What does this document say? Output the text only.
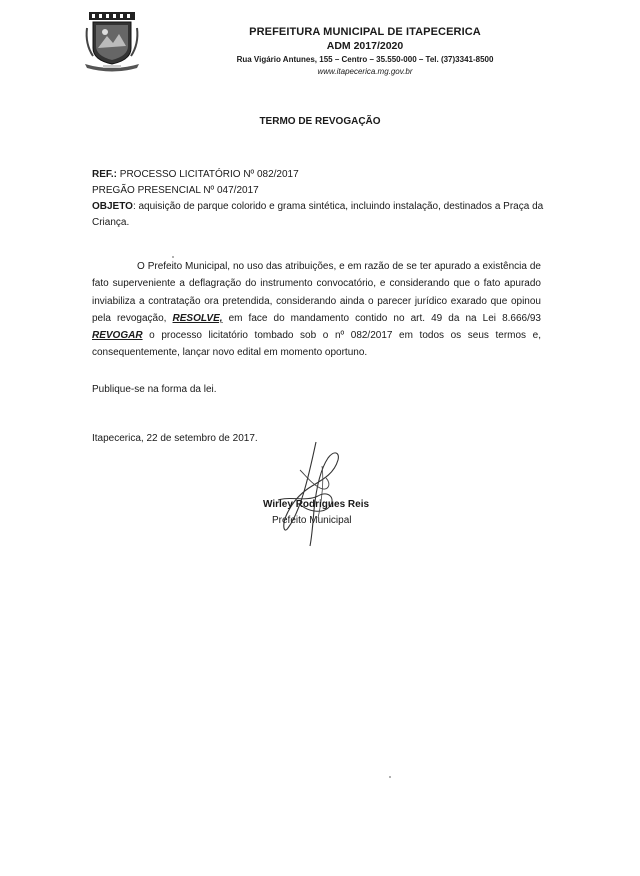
PREFEITURA MUNICIPAL DE ITAPECERICA
ADM 2017/2020
Rua Vigário Antunes, 155 – Centro – 35.550-000 – Tel. (37)3341-8500
www.itapecerica.mg.gov.br
TERMO DE REVOGAÇÃO
REF.: PROCESSO LICITATÓRIO Nº 082/2017
PREGÃO PRESENCIAL Nº 047/2017
OBJETO: aquisição de parque colorido e grama sintética, incluindo instalação, destinados a Praça da Criança.
O Prefeito Municipal, no uso das atribuições, e em razão de se ter apurado a existência de fato superveniente a deflagração do instrumento convocatório, e considerando que o fato apurado inviabiliza a contratação ora pretendida, considerando ainda o parecer jurídico exarado que opinou pela revogação, RESOLVE, em face do mandamento contido no art. 49 da na Lei 8.666/93 REVOGAR o processo licitatório tombado sob o nº 082/2017 em todos os seus termos e, consequentemente, lançar novo edital em momento oportuno.
Publique-se na forma da lei.
Itapecerica, 22 de setembro de 2017.
Wirley Rodrigues Reis
Prefeito Municipal
